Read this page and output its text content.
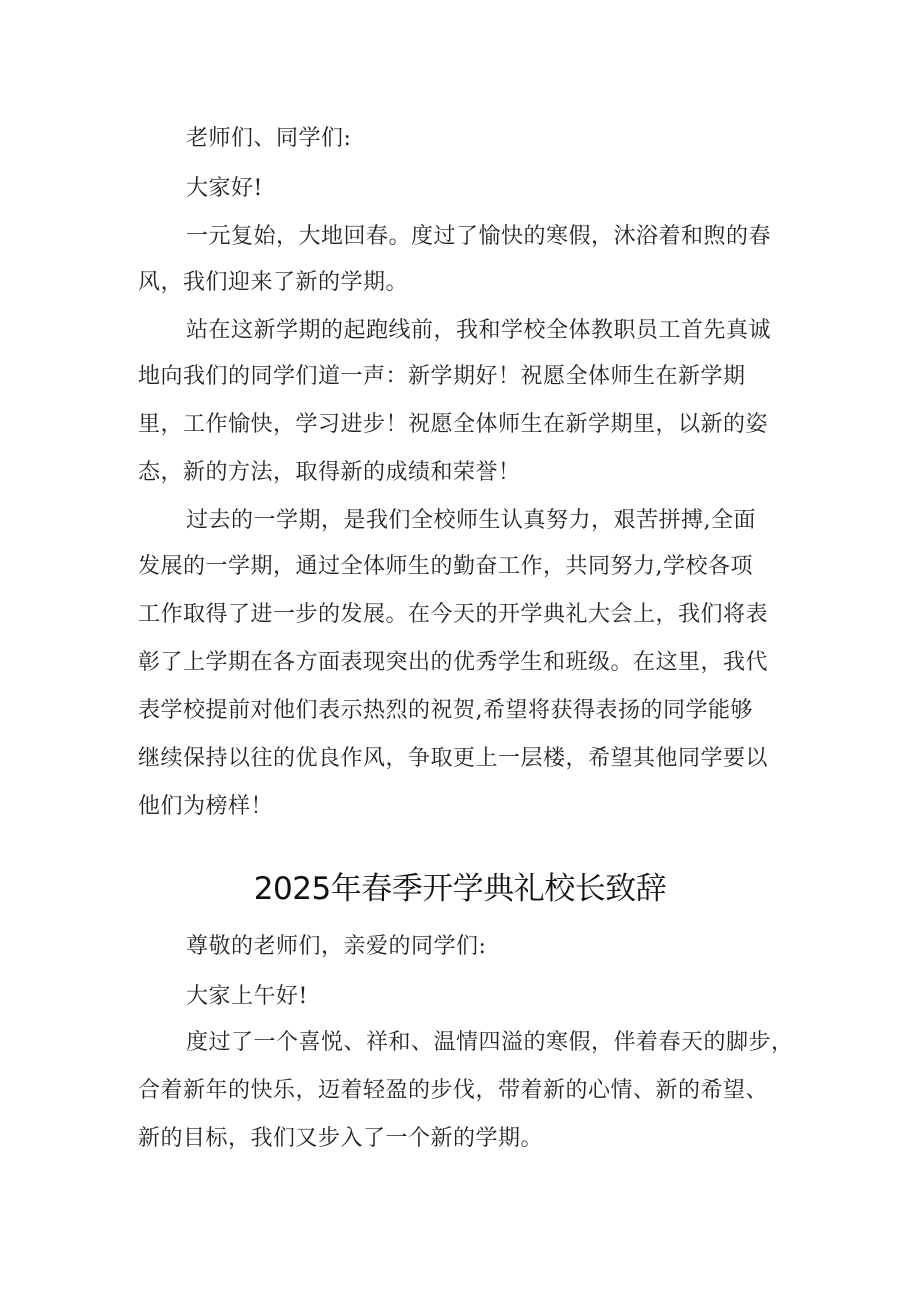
老师们、同学们:
大家好!
一元复始，大地回春。度过了愉快的寒假，沐浴着和煦的春
风，我们迎来了新的学期。
站在这新学期的起跑线前，我和学校全体教职员工首先真诚
地向我们的同学们道一声：新学期好！祝愿全体师生在新学期
里，工作愉快，学习进步！祝愿全体师生在新学期里，以新的姿
态，新的方法，取得新的成绩和荣誉！
过去的一学期，是我们全校师生认真努力，艰苦拼搏,全面
发展的一学期，通过全体师生的勤奋工作，共同努力,学校各项
工作取得了进一步的发展。在今天的开学典礼大会上，我们将表
彰了上学期在各方面表现突出的优秀学生和班级。在这里，我代
表学校提前对他们表示热烈的祝贺,希望将获得表扬的同学能够
继续保持以往的优良作风，争取更上一层楼，希望其他同学要以
他们为榜样！
2025年春季开学典礼校长致辞
尊敬的老师们，亲爱的同学们:
大家上午好!
度过了一个喜悦、祥和、温情四溢的寒假，伴着春天的脚步，
合着新年的快乐，迈着轻盈的步伐，带着新的心情、新的希望、
新的目标，我们又步入了一个新的学期。
